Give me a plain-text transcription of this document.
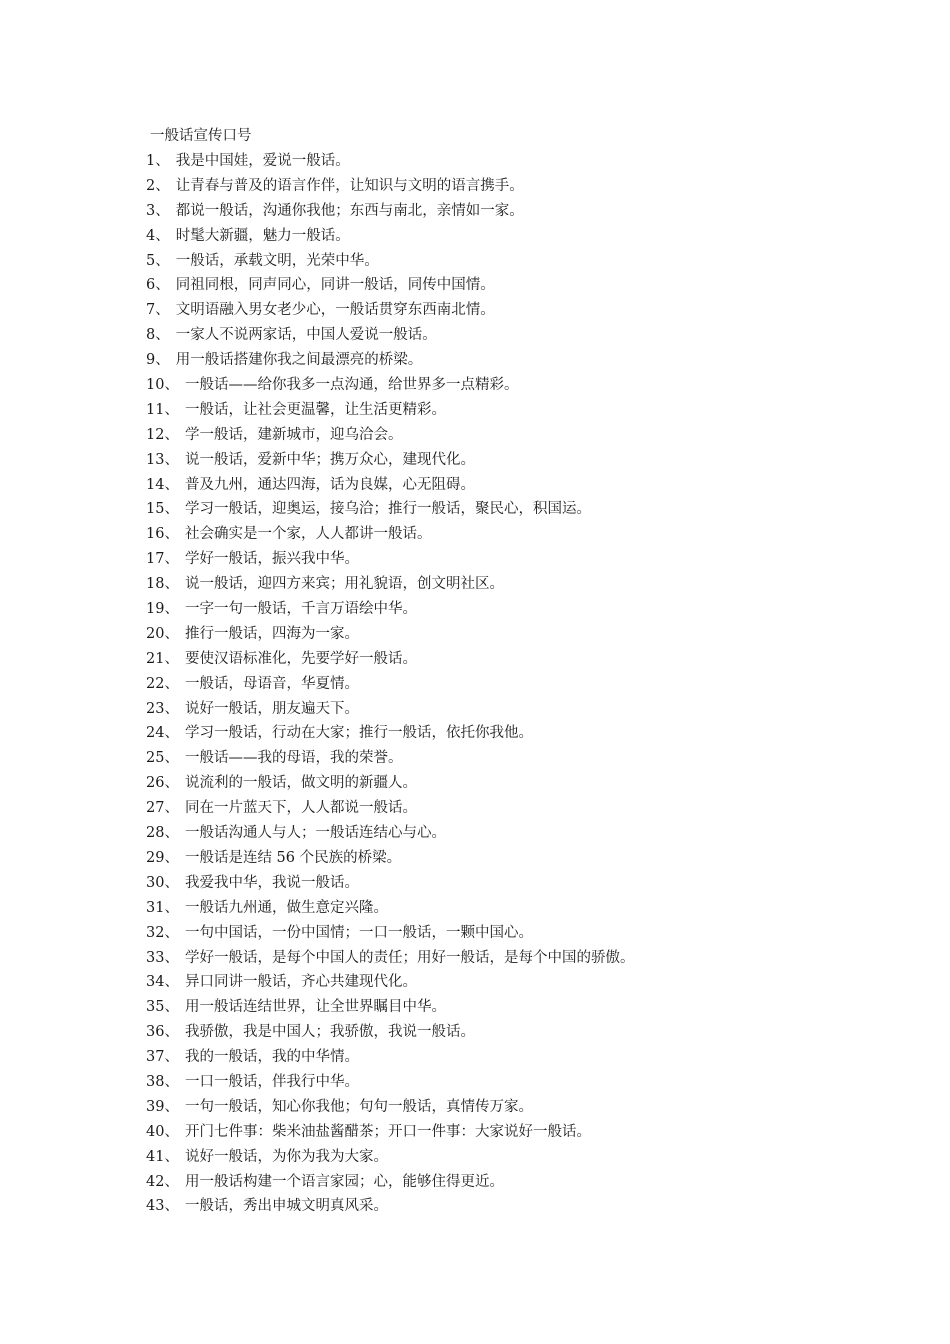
一般话宣传口号
1、 我是中国娃，爱说一般话。
2、 让青春与普及的语言作伴，让知识与文明的语言携手。
3、 都说一般话，沟通你我他；东西与南北，亲情如一家。
4、 时髦大新疆，魅力一般话。
5、 一般话，承载文明，光荣中华。
6、 同祖同根，同声同心，同讲一般话，同传中国情。
7、 文明语融入男女老少心，一般话贯穿东西南北情。
8、 一家人不说两家话，中国人爱说一般话。
9、 用一般话搭建你我之间最漂亮的桥梁。
10、 一般话——给你我多一点沟通，给世界多一点精彩。
11、 一般话，让社会更温馨，让生活更精彩。
12、 学一般话，建新城市，迎乌洽会。
13、 说一般话，爱新中华；携万众心，建现代化。
14、 普及九州，通达四海，话为良媒，心无阻碍。
15、 学习一般话，迎奥运，接乌洽；推行一般话，聚民心，积国运。
16、 社会确实是一个家，人人都讲一般话。
17、 学好一般话，振兴我中华。
18、 说一般话，迎四方来宾；用礼貌语，创文明社区。
19、 一字一句一般话，千言万语绘中华。
20、 推行一般话，四海为一家。
21、 要使汉语标准化，先要学好一般话。
22、 一般话，母语音，华夏情。
23、 说好一般话，朋友遍天下。
24、 学习一般话，行动在大家；推行一般话，依托你我他。
25、 一般话——我的母语，我的荣誉。
26、 说流利的一般话，做文明的新疆人。
27、 同在一片蓝天下，人人都说一般话。
28、 一般话沟通人与人；一般话连结心与心。
29、 一般话是连结 56 个民族的桥梁。
30、 我爱我中华，我说一般话。
31、 一般话九州通，做生意定兴隆。
32、 一句中国话，一份中国情；一口一般话，一颗中国心。
33、 学好一般话，是每个中国人的责任；用好一般话，是每个中国的骄傲。
34、 异口同讲一般话，齐心共建现代化。
35、 用一般话连结世界，让全世界瞩目中华。
36、 我骄傲，我是中国人；我骄傲，我说一般话。
37、 我的一般话，我的中华情。
38、 一口一般话，伴我行中华。
39、 一句一般话，知心你我他；句句一般话，真情传万家。
40、 开门七件事：柴米油盐酱醋茶；开口一件事：大家说好一般话。
41、 说好一般话，为你为我为大家。
42、 用一般话构建一个语言家园；心，能够住得更近。
43、 一般话，秀出申城文明真风采。
